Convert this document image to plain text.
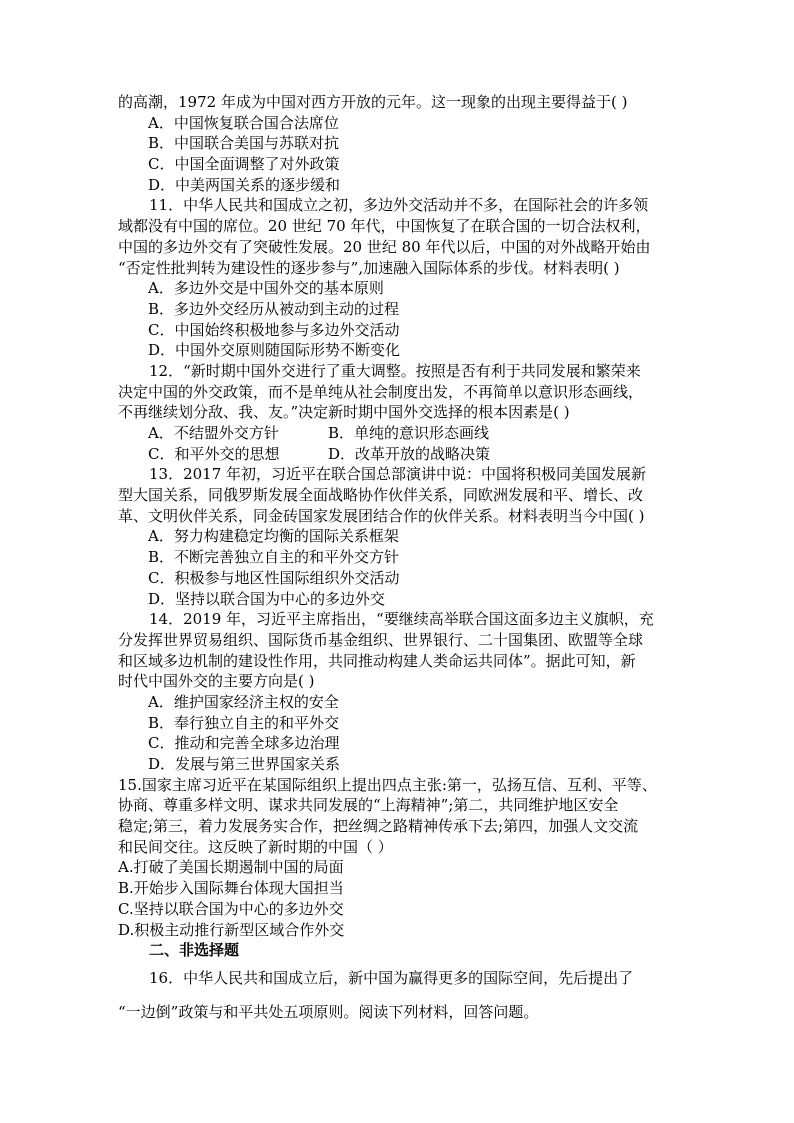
的高潮，1972 年成为中国对西方开放的元年。这一现象的出现主要得益于( )
A．中国恢复联合国合法席位
B．中国联合美国与苏联对抗
C．中国全面调整了对外政策
D．中美两国关系的逐步缓和
11．中华人民共和国成立之初，多边外交活动并不多，在国际社会的许多领
域都没有中国的席位。20 世纪 70 年代，中国恢复了在联合国的一切合法权利，
中国的多边外交有了突破性发展。20 世纪 80 年代以后，中国的对外战略开始由
“否定性批判转为建设性的逐步参与”,加速融入国际体系的步伐。材料表明( )
A．多边外交是中国外交的基本原则
B．多边外交经历从被动到主动的过程
C．中国始终积极地参与多边外交活动
D．中国外交原则随国际形势不断变化
12．“新时期中国外交进行了重大调整。按照是否有利于共同发展和繁荣来
决定中国的外交政策，而不是单纯从社会制度出发，不再简单以意识形态画线，
不再继续划分敌、我、友。”决定新时期中国外交选择的根本因素是( )
A．不结盟外交方针	B．单纯的意识形态画线
C．和平外交的思想	D．改革开放的战略决策
13．2017 年初，习近平在联合国总部演讲中说：中国将积极同美国发展新
型大国关系，同俄罗斯发展全面战略协作伙伴关系，同欧洲发展和平、增长、改
革、文明伙伴关系，同金砖国家发展团结合作的伙伴关系。材料表明当今中国( )
A．努力构建稳定均衡的国际关系框架
B．不断完善独立自主的和平外交方针
C．积极参与地区性国际组织外交活动
D．坚持以联合国为中心的多边外交
14．2019 年，习近平主席指出，“要继续高举联合国这面多边主义旗帜，充
分发挥世界贸易组织、国际货币基金组织、世界银行、二十国集团、欧盟等全球
和区域多边机制的建设性作用，共同推动构建人类命运共同体”。据此可知，新
时代中国外交的主要方向是( )
A．维护国家经济主权的安全
B．奉行独立自主的和平外交
C．推动和完善全球多边治理
D．发展与第三世界国家关系
15.国家主席习近平在某国际组织上提出四点主张:第一，弘扬互信、互利、平等、
协商、尊重多样文明、谋求共同发展的“上海精神”;第二，共同维护地区安全
稳定;第三，着力发展务实合作，把丝绸之路精神传承下去;第四，加强人文交流
和民间交往。这反映了新时期的中国（ ）
A.打破了美国长期遏制中国的局面
B.开始步入国际舞台体现大国担当
C.坚持以联合国为中心的多边外交
D.积极主动推行新型区域合作外交
二、非选择题
16．中华人民共和国成立后，新中国为赢得更多的国际空间，先后提出了
“一边倒”政策与和平共处五项原则。阅读下列材料，回答问题。
